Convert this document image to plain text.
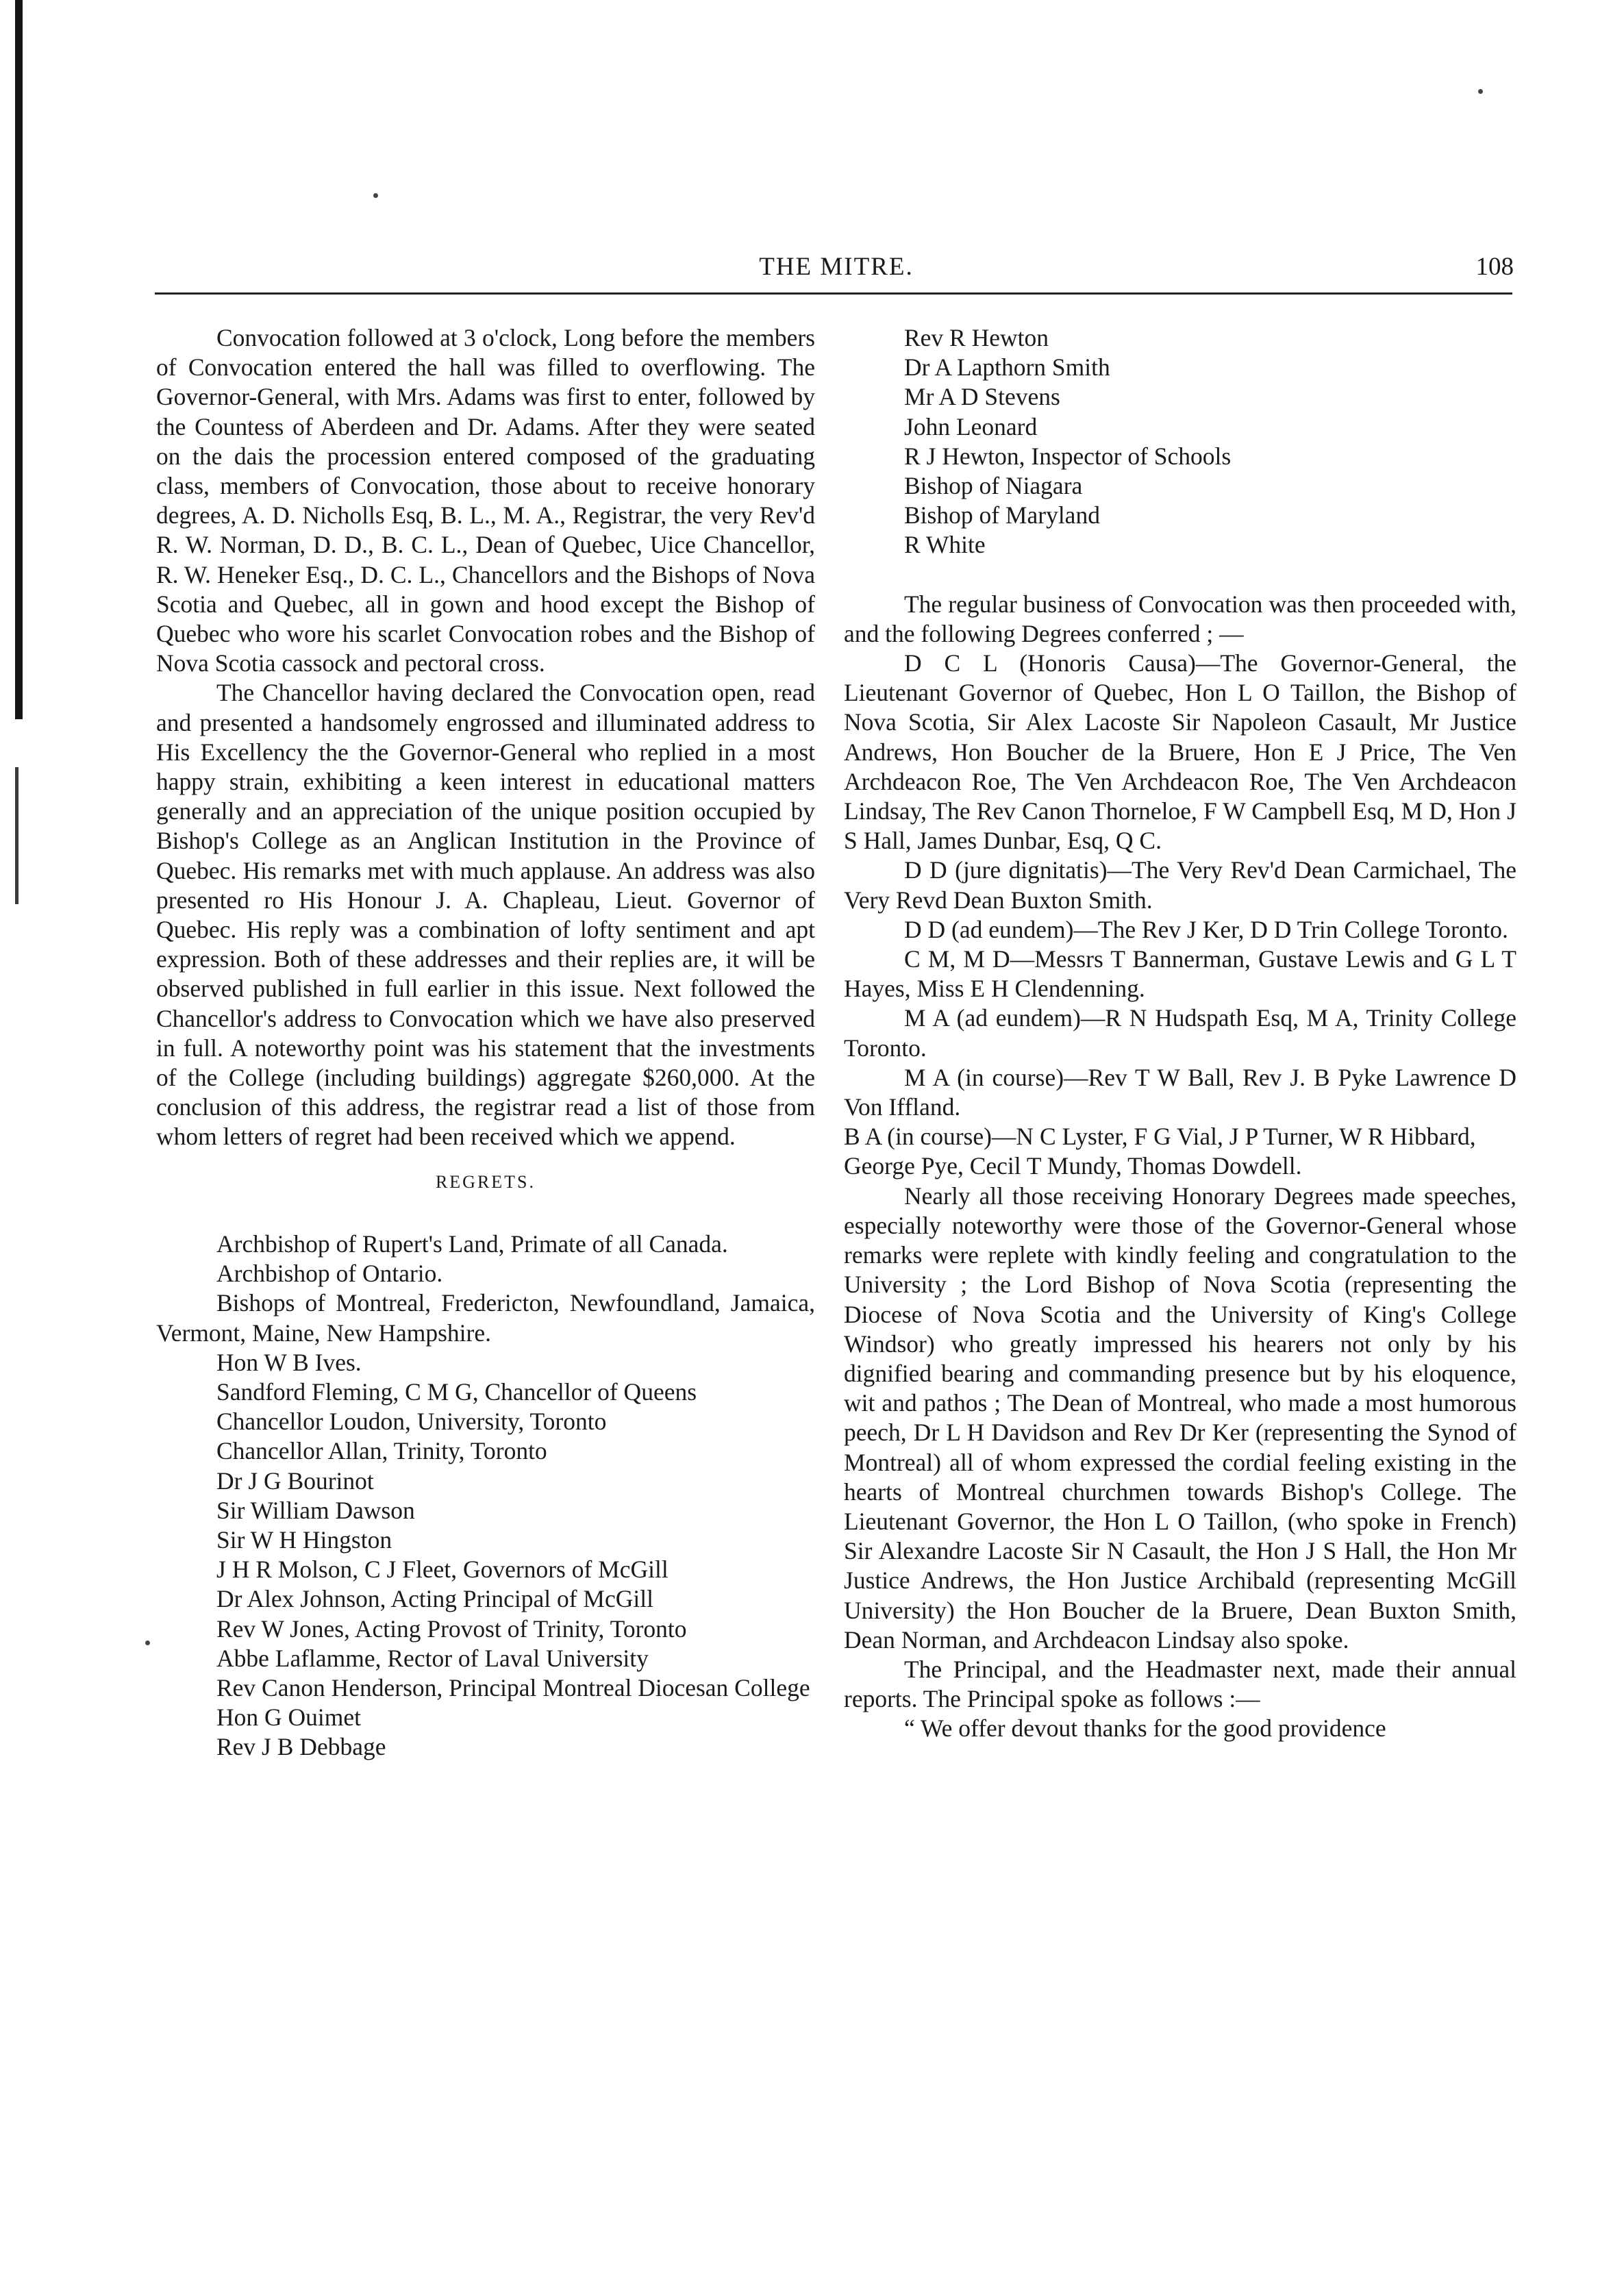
THE MITRE.	108

Convocation followed at 3 o'clock, Long before the members of Convocation entered the hall was filled to overflowing. The Governor-General, with Mrs. Adams was first to enter, followed by the Countess of Aberdeen and Dr. Adams. After they were seated on the dais the procession entered composed of the graduating class, members of Convocation, those about to receive honorary degrees, A. D. Nicholls Esq, B. L., M. A., Registrar, the very Rev'd R. W. Norman, D. D., B. C. L., Dean of Quebec, Uice Chancellor, R. W. Heneker Esq., D. C. L., Chancellors and the Bishops of Nova Scotia and Quebec, all in gown and hood except the Bishop of Quebec who wore his scarlet Convocation robes and the Bishop of Nova Scotia cassock and pectoral cross.

The Chancellor having declared the Convocation open, read and presented a handsomely engrossed and illuminated address to His Excellency the the Governor-General who replied in a most happy strain, exhibiting a keen interest in educational matters generally and an appreciation of the unique position occupied by Bishop's College as an Anglican Institution in the Province of Quebec. His remarks met with much applause. An address was also presented ro His Honour J. A. Chapleau, Lieut. Governor of Quebec. His reply was a combination of lofty sentiment and apt expression. Both of these addresses and their replies are, it will be observed published in full earlier in this issue. Next followed the Chancellor's address to Convocation which we have also preserved in full. A noteworthy point was his statement that the investments of the College (including buildings) aggregate $260,000. At the conclusion of this address, the registrar read a list of those from whom letters of regret had been received which we append.

REGRETS.

Archbishop of Rupert's Land, Primate of all Canada.

Archbishop of Ontario.

Bishops of Montreal, Fredericton, Newfoundland, Jamaica, Vermont, Maine, New Hampshire.

Hon W B Ives.

Sandford Fleming, C M G, Chancellor of Queens

Chancellor Loudon, University, Toronto

Chancellor Allan, Trinity, Toronto

Dr J G Bourinot

Sir William Dawson

Sir W H Hingston

J H R Molson, C J Fleet, Governors of McGill

Dr Alex Johnson, Acting Principal of McGill

Rev W Jones, Acting Provost of Trinity, Toronto

Abbe Laflamme, Rector of Laval University

Rev Canon Henderson, Principal Montreal Diocesan College

Hon G Ouimet

Rev J B Debbage

Rev R Hewton

Dr A Lapthorn Smith

Mr A D Stevens

John Leonard

R J Hewton, Inspector of Schools

Bishop of Niagara

Bishop of Maryland

R White

The regular business of Convocation was then proceeded with, and the following Degrees conferred ; —

D C L (Honoris Causa)—The Governor-General, the Lieutenant Governor of Quebec, Hon L O Taillon, the Bishop of Nova Scotia, Sir Alex Lacoste Sir Napoleon Casault, Mr Justice Andrews, Hon Boucher de la Bruere, Hon E J Price, The Ven Archdeacon Roe, The Ven Archdeacon Roe, The Ven Archdeacon Lindsay, The Rev Canon Thorneloe, F W Campbell Esq, M D, Hon J S Hall, James Dunbar, Esq, Q C.

D D (jure dignitatis)—The Very Rev'd Dean Carmichael, The Very Revd Dean Buxton Smith.

D D (ad eundem)—The Rev J Ker, D D Trin College Toronto.

C M, M D—Messrs T Bannerman, Gustave Lewis and G L T Hayes, Miss E H Clendenning.

M A (ad eundem)—R N Hudspath Esq, M A, Trinity College Toronto.

M A (in course)—Rev T W Ball, Rev J. B Pyke Lawrence D Von Iffland.

B A (in course)—N C Lyster, F G Vial, J P Turner, W R Hibbard, George Pye, Cecil T Mundy, Thomas Dowdell.

Nearly all those receiving Honorary Degrees made speeches, especially noteworthy were those of the Governor-General whose remarks were replete with kindly feeling and congratulation to the University ; the Lord Bishop of Nova Scotia (representing the Diocese of Nova Scotia and the University of King's College Windsor) who greatly impressed his hearers not only by his dignified bearing and commanding presence but by his eloquence, wit and pathos ; The Dean of Montreal, who made a most humorous peech, Dr L H Davidson and Rev Dr Ker (representing the Synod of Montreal) all of whom expressed the cordial feeling existing in the hearts of Montreal churchmen towards Bishop's College. The Lieutenant Governor, the Hon L O Taillon, (who spoke in French) Sir Alexandre Lacoste Sir N Casault, the Hon J S Hall, the Hon Mr Justice Andrews, the Hon Justice Archibald (representing McGill University) the Hon Boucher de la Bruere, Dean Buxton Smith, Dean Norman, and Archdeacon Lindsay also spoke.

The Principal, and the Headmaster next, made their annual reports. The Principal spoke as follows :—

“ We offer devout thanks for the good providence
